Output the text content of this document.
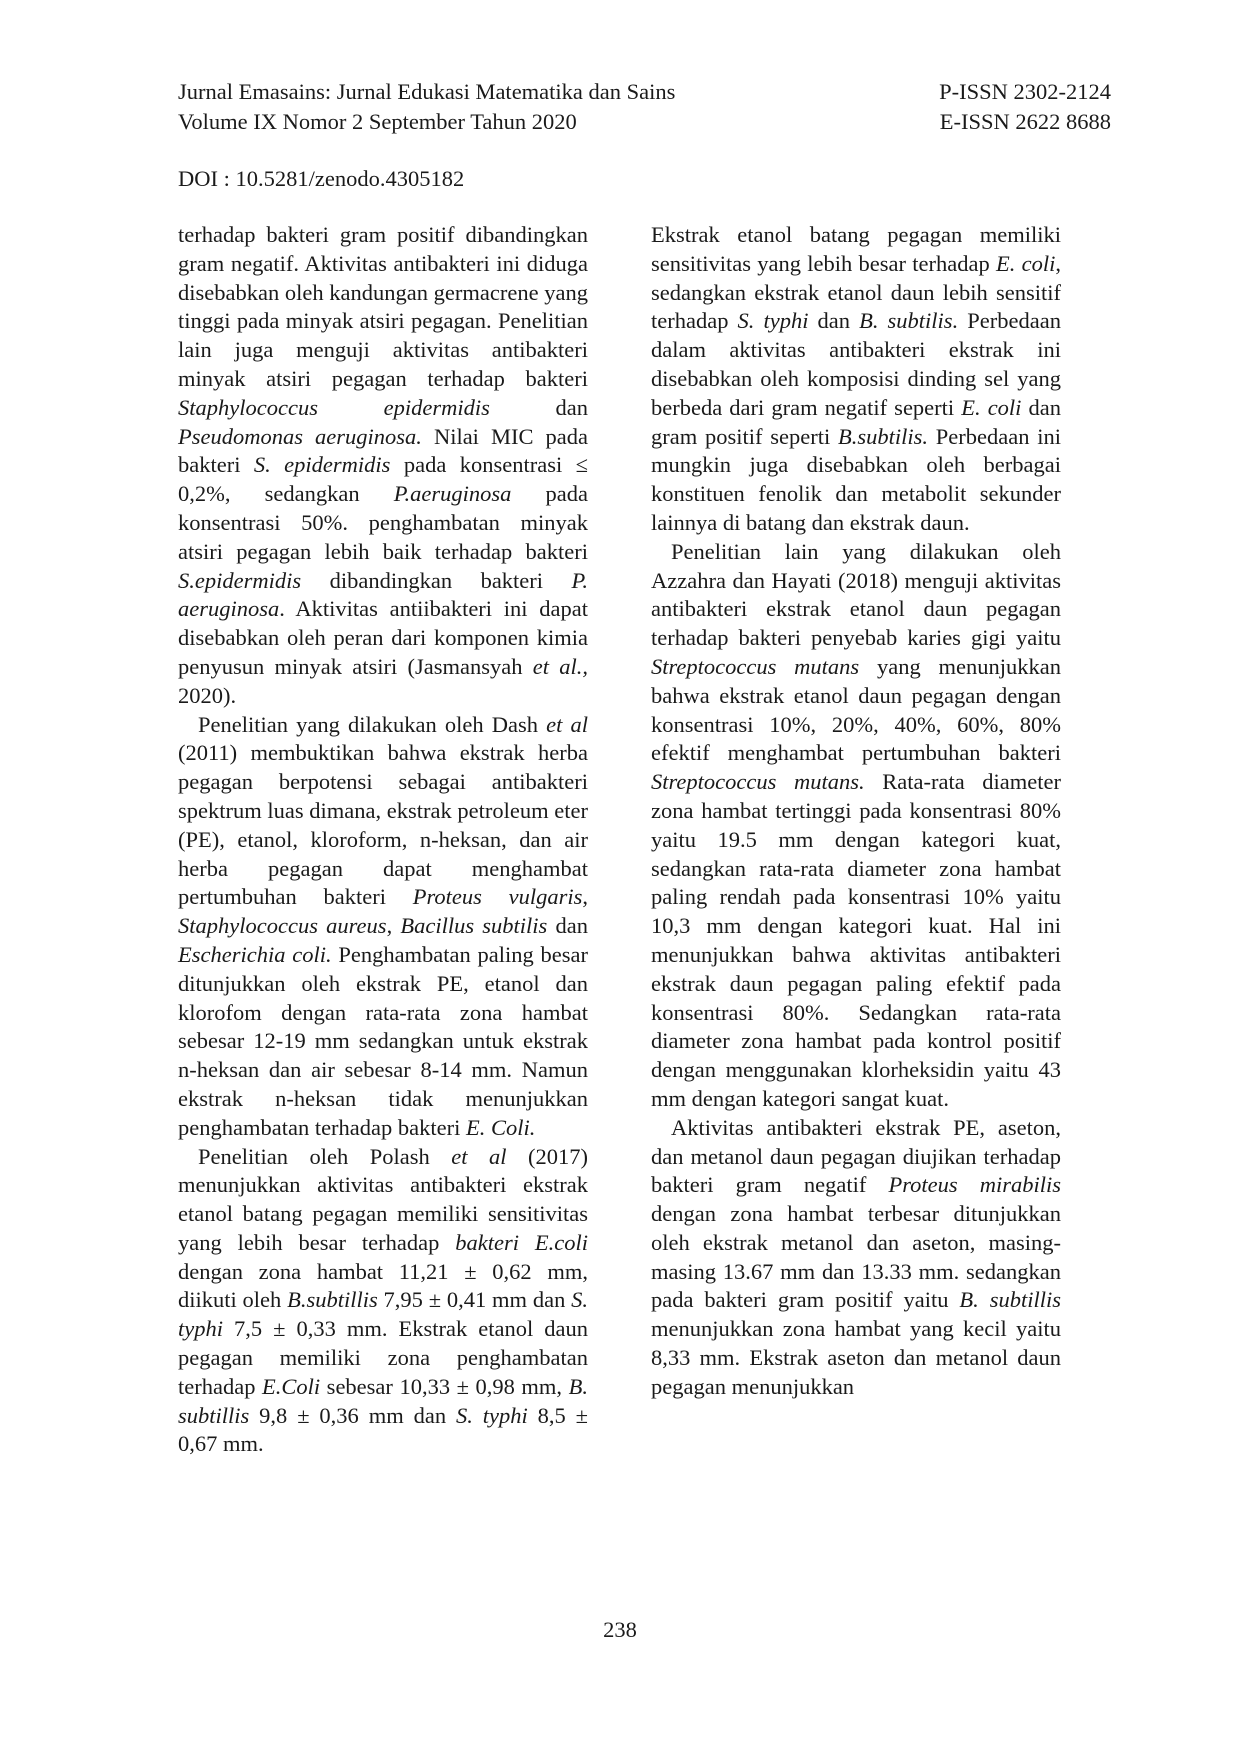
Jurnal Emasains: Jurnal Edukasi Matematika dan Sains
Volume IX Nomor 2 September Tahun 2020
P-ISSN 2302-2124
E-ISSN 2622 8688
DOI : 10.5281/zenodo.4305182

terhadap bakteri gram positif dibandingkan gram negatif. Aktivitas antibakteri ini diduga disebabkan oleh kandungan germacrene yang tinggi pada minyak atsiri pegagan. Penelitian lain juga menguji aktivitas antibakteri minyak atsiri pegagan terhadap bakteri Staphylococcus epidermidis dan Pseudomonas aeruginosa. Nilai MIC pada bakteri S. epidermidis pada konsentrasi ≤ 0,2%, sedangkan P.aeruginosa pada konsentrasi 50%. penghambatan minyak atsiri pegagan lebih baik terhadap bakteri S.epidermidis dibandingkan bakteri P. aeruginosa. Aktivitas antiibakteri ini dapat disebabkan oleh peran dari komponen kimia penyusun minyak atsiri (Jasmansyah et al., 2020).

Penelitian yang dilakukan oleh Dash et al (2011) membuktikan bahwa ekstrak herba pegagan berpotensi sebagai antibakteri spektrum luas dimana, ekstrak petroleum eter (PE), etanol, kloroform, n-heksan, dan air herba pegagan dapat menghambat pertumbuhan bakteri Proteus vulgaris, Staphylococcus aureus, Bacillus subtilis dan Escherichia coli. Penghambatan paling besar ditunjukkan oleh ekstrak PE, etanol dan klorofom dengan rata-rata zona hambat sebesar 12-19 mm sedangkan untuk ekstrak n-heksan dan air sebesar 8-14 mm. Namun ekstrak n-heksan tidak menunjukkan penghambatan terhadap bakteri E. Coli.

Penelitian oleh Polash et al (2017) menunjukkan aktivitas antibakteri ekstrak etanol batang pegagan memiliki sensitivitas yang lebih besar terhadap bakteri E.coli dengan zona hambat 11,21 ± 0,62 mm, diikuti oleh B.subtillis 7,95 ± 0,41 mm dan S. typhi 7,5 ± 0,33 mm. Ekstrak etanol daun pegagan memiliki zona penghambatan terhadap E.Coli sebesar 10,33 ± 0,98 mm, B. subtillis 9,8 ± 0,36 mm dan S. typhi 8,5 ± 0,67 mm.

Ekstrak etanol batang pegagan memiliki sensitivitas yang lebih besar terhadap E. coli, sedangkan ekstrak etanol daun lebih sensitif terhadap S. typhi dan B. subtilis. Perbedaan dalam aktivitas antibakteri ekstrak ini disebabkan oleh komposisi dinding sel yang berbeda dari gram negatif seperti E. coli dan gram positif seperti B.subtilis. Perbedaan ini mungkin juga disebabkan oleh berbagai konstituen fenolik dan metabolit sekunder lainnya di batang dan ekstrak daun.

Penelitian lain yang dilakukan oleh Azzahra dan Hayati (2018) menguji aktivitas antibakteri ekstrak etanol daun pegagan terhadap bakteri penyebab karies gigi yaitu Streptococcus mutans yang menunjukkan bahwa ekstrak etanol daun pegagan dengan konsentrasi 10%, 20%, 40%, 60%, 80% efektif menghambat pertumbuhan bakteri Streptococcus mutans. Rata-rata diameter zona hambat tertinggi pada konsentrasi 80% yaitu 19.5 mm dengan kategori kuat, sedangkan rata-rata diameter zona hambat paling rendah pada konsentrasi 10% yaitu 10,3 mm dengan kategori kuat. Hal ini menunjukkan bahwa aktivitas antibakteri ekstrak daun pegagan paling efektif pada konsentrasi 80%. Sedangkan rata-rata diameter zona hambat pada kontrol positif dengan menggunakan klorheksidin yaitu 43 mm dengan kategori sangat kuat.

Aktivitas antibakteri ekstrak PE, aseton, dan metanol daun pegagan diujikan terhadap bakteri gram negatif Proteus mirabilis dengan zona hambat terbesar ditunjukkan oleh ekstrak metanol dan aseton, masing-masing 13.67 mm dan 13.33 mm. sedangkan pada bakteri gram positif yaitu B. subtillis menunjukkan zona hambat yang kecil yaitu 8,33 mm. Ekstrak aseton dan metanol daun pegagan menunjukkan

238
